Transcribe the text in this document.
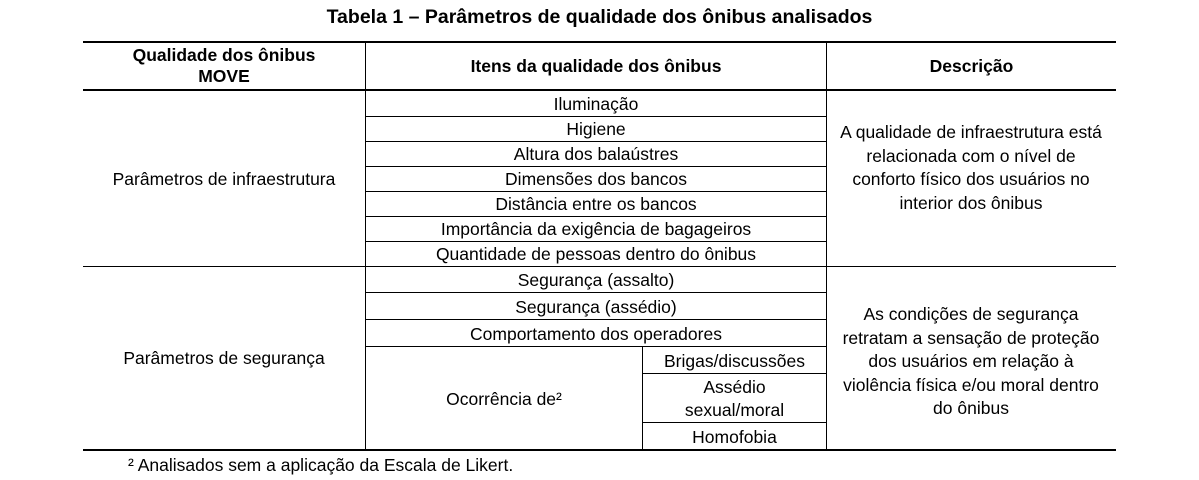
Tabela 1 – Parâmetros de qualidade dos ônibus analisados
Qualidade dos ônibus
MOVE	Itens da qualidade dos ônibus	Descrição
Parâmetros de infraestrutura
Iluminação
Higiene
Altura dos balaústres
Dimensões dos bancos
Distância entre os bancos
Importância da exigência de bagageiros
Quantidade de pessoas dentro do ônibus
A qualidade de infraestrutura está relacionada com o nível de conforto físico dos usuários no interior dos ônibus
Parâmetros de segurança
Segurança (assalto)
Segurança (assédio)
Comportamento dos operadores
Ocorrência de²
Brigas/discussões
Assédio
sexual/moral
Homofobia
As condições de segurança retratam a sensação de proteção dos usuários em relação à violência física e/ou moral dentro do ônibus
² Analisados sem a aplicação da Escala de Likert.
